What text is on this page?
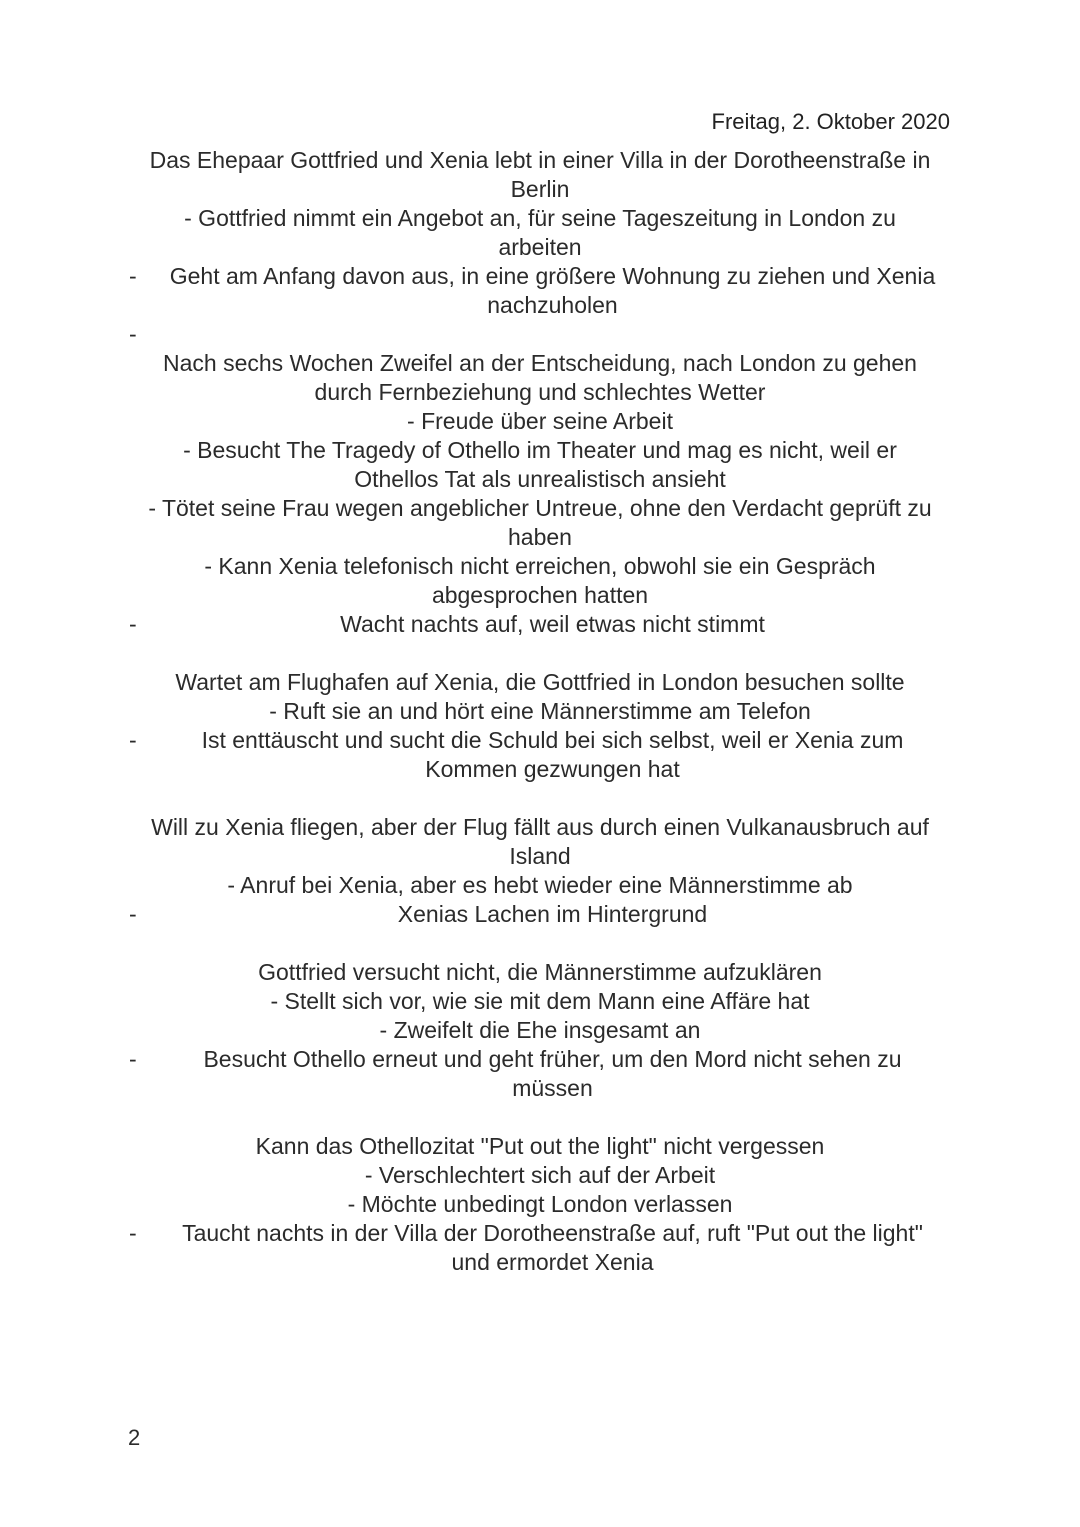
Freitag, 2. Oktober 2020
Das Ehepaar Gottfried und Xenia lebt in einer Villa in der Dorotheenstraße in
Berlin
- Gottfried nimmt ein Angebot an, für seine Tageszeitung in London zu
arbeiten
-	Geht am Anfang davon aus, in eine größere Wohnung zu ziehen und Xenia
nachzuholen
-
Nach sechs Wochen Zweifel an der Entscheidung, nach London zu gehen
durch Fernbeziehung und schlechtes Wetter
- Freude über seine Arbeit
- Besucht The Tragedy of Othello im Theater und mag es nicht, weil er
Othellos Tat als unrealistisch ansieht
- Tötet seine Frau wegen angeblicher Untreue, ohne den Verdacht geprüft zu
haben
- Kann Xenia telefonisch nicht erreichen, obwohl sie ein Gespräch
abgesprochen hatten
-	Wacht nachts auf, weil etwas nicht stimmt
Wartet am Flughafen auf Xenia, die Gottfried in London besuchen sollte
- Ruft sie an und hört eine Männerstimme am Telefon
-	Ist enttäuscht und sucht die Schuld bei sich selbst, weil er Xenia zum
Kommen gezwungen hat
Will zu Xenia fliegen, aber der Flug fällt aus durch einen Vulkanausbruch auf
Island
- Anruf bei Xenia, aber es hebt wieder eine Männerstimme ab
-	Xenias Lachen im Hintergrund
Gottfried versucht nicht, die Männerstimme aufzuklären
- Stellt sich vor, wie sie mit dem Mann eine Affäre hat
- Zweifelt die Ehe insgesamt an
-	Besucht Othello erneut und geht früher, um den Mord nicht sehen zu
müssen
Kann das Othellozitat "Put out the light" nicht vergessen
- Verschlechtert sich auf der Arbeit
- Möchte unbedingt London verlassen
-	Taucht nachts in der Villa der Dorotheenstraße auf, ruft "Put out the light"
und ermordet Xenia
2
